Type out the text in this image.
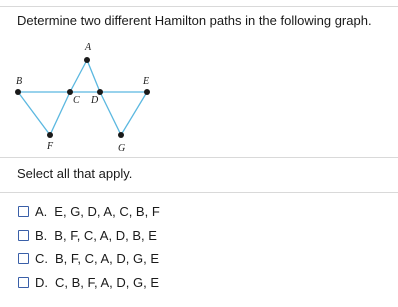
Determine two different Hamilton paths in the following graph.
A
B
C D
E
F	G
Select all that apply.
A. E, G, D, A, C, B, F
B. B, F, C, A, D, B, E
C. B, F, C, A, D, G, E
D. C, B, F, A, D, G, E
